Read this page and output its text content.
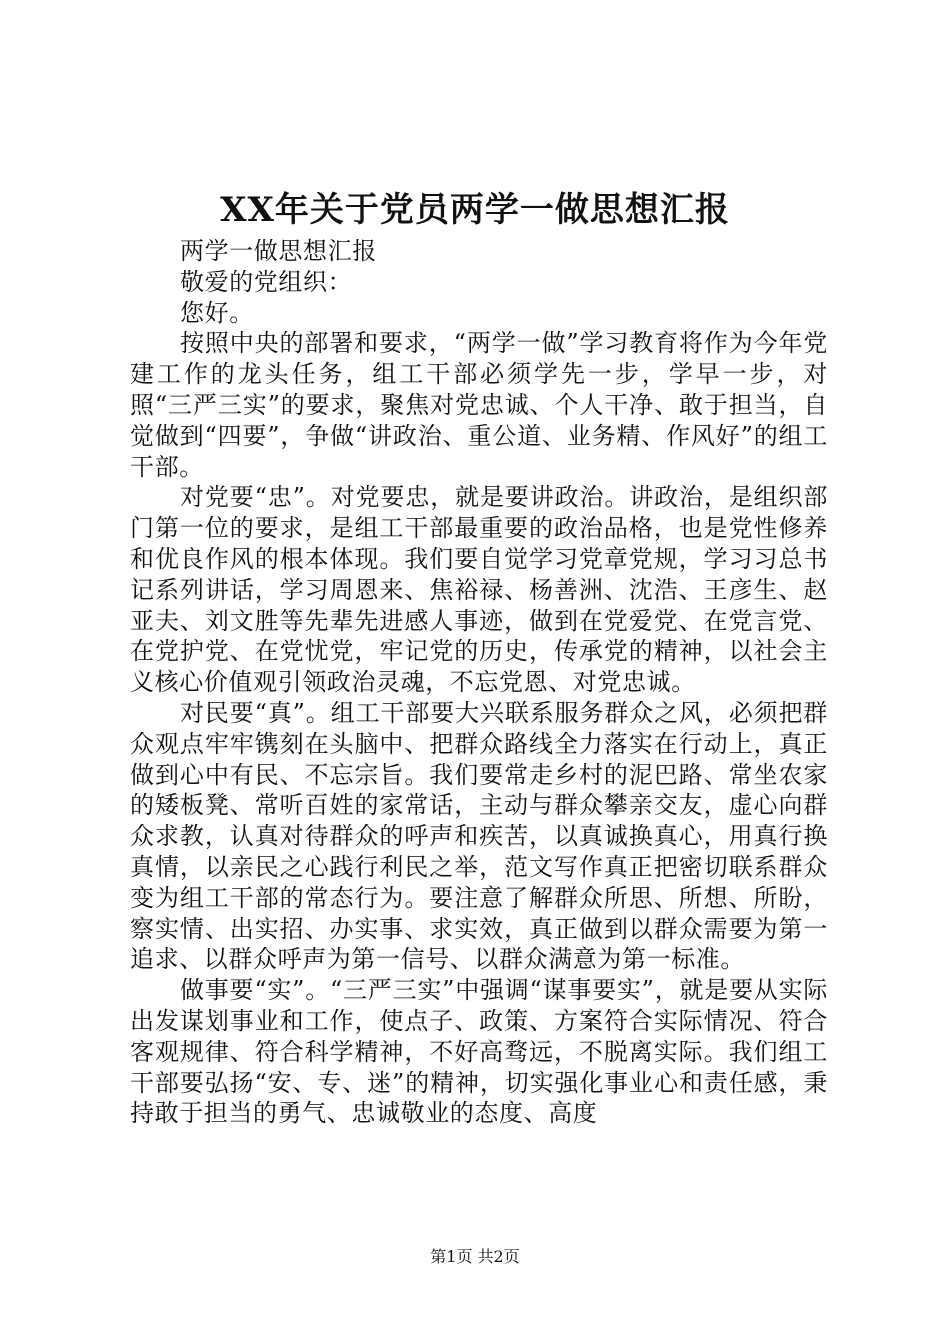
XX年关于党员两学一做思想汇报

两学一做思想汇报

敬爱的党组织：

您好。

按照中央的部署和要求，“两学一做”学习教育将作为今年党建工作的龙头任务，组工干部必须学先一步，学早一步，对照“三严三实”的要求，聚焦对党忠诚、个人干净、敢于担当，自觉做到“四要”，争做“讲政治、重公道、业务精、作风好”的组工干部。

对党要“忠”。对党要忠，就是要讲政治。讲政治，是组织部门第一位的要求，是组工干部最重要的政治品格，也是党性修养和优良作风的根本体现。我们要自觉学习党章党规，学习习总书记系列讲话，学习周恩来、焦裕禄、杨善洲、沈浩、王彦生、赵亚夫、刘文胜等先辈先进感人事迹，做到在党爱党、在党言党、在党护党、在党忧党，牢记党的历史，传承党的精神，以社会主义核心价值观引领政治灵魂，不忘党恩、对党忠诚。

对民要“真”。组工干部要大兴联系服务群众之风，必须把群众观点牢牢镌刻在头脑中、把群众路线全力落实在行动上，真正做到心中有民、不忘宗旨。我们要常走乡村的泥巴路、常坐农家的矮板凳、常听百姓的家常话，主动与群众攀亲交友，虚心向群众求教，认真对待群众的呼声和疾苦，以真诚换真心，用真行换真情，以亲民之心践行利民之举，范文写作真正把密切联系群众变为组工干部的常态行为。要注意了解群众所思、所想、所盼，察实情、出实招、办实事、求实效，真正做到以群众需要为第一追求、以群众呼声为第一信号、以群众满意为第一标准。

做事要“实”。“三严三实”中强调“谋事要实”，就是要从实际出发谋划事业和工作，使点子、政策、方案符合实际情况、符合客观规律、符合科学精神，不好高骛远，不脱离实际。我们组工干部要弘扬“安、专、迷”的精神，切实强化事业心和责任感，秉持敢于担当的勇气、忠诚敬业的态度、高度

第1页 共2页
